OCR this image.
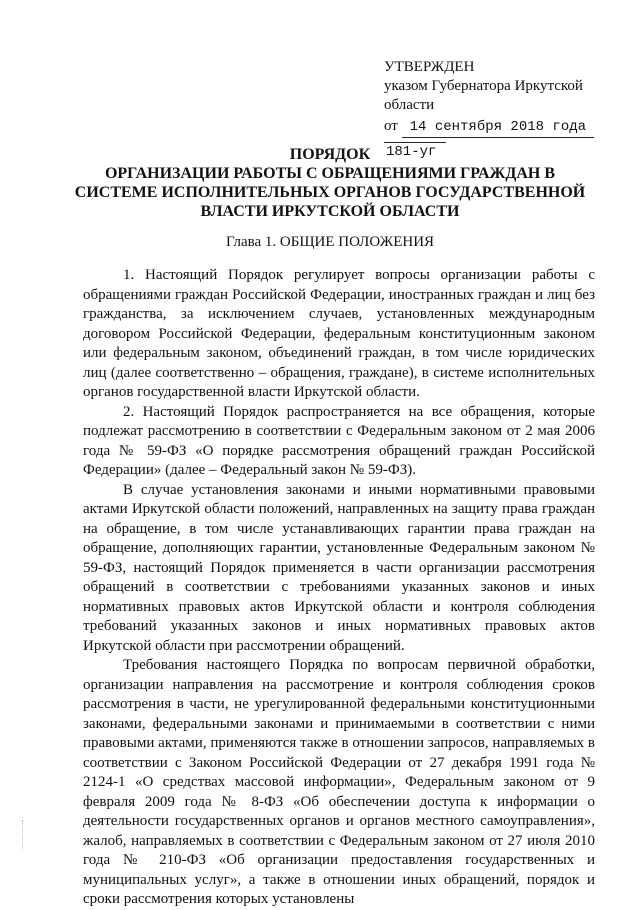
УТВЕРЖДЕН
указом Губернатора Иркутской
области
от 14 сентября 2018 года
181-уг
ПОРЯДОК
ОРГАНИЗАЦИИ РАБОТЫ С ОБРАЩЕНИЯМИ ГРАЖДАН В
СИСТЕМЕ ИСПОЛНИТЕЛЬНЫХ ОРГАНОВ ГОСУДАРСТВЕННОЙ
ВЛАСТИ ИРКУТСКОЙ ОБЛАСТИ
Глава 1. ОБЩИЕ ПОЛОЖЕНИЯ

1. Настоящий Порядок регулирует вопросы организации работы с обращениями граждан Российской Федерации, иностранных граждан и лиц без гражданства, за исключением случаев, установленных международным договором Российской Федерации, федеральным конституционным законом или федеральным законом, объединений граждан, в том числе юридических лиц (далее соответственно – обращения, граждане), в системе исполнительных органов государственной власти Иркутской области.

2. Настоящий Порядок распространяется на все обращения, которые подлежат рассмотрению в соответствии с Федеральным законом от 2 мая 2006 года № 59-ФЗ «О порядке рассмотрения обращений граждан Российской Федерации» (далее – Федеральный закон № 59-ФЗ).

В случае установления законами и иными нормативными правовыми актами Иркутской области положений, направленных на защиту права граждан на обращение, в том числе устанавливающих гарантии права граждан на обращение, дополняющих гарантии, установленные Федеральным законом № 59-ФЗ, настоящий Порядок применяется в части организации рассмотрения обращений в соответствии с требованиями указанных законов и иных нормативных правовых актов Иркутской области и контроля соблюдения требований указанных законов и иных нормативных правовых актов Иркутской области при рассмотрении обращений.

Требования настоящего Порядка по вопросам первичной обработки, организации направления на рассмотрение и контроля соблюдения сроков рассмотрения в части, не урегулированной федеральными конституционными законами, федеральными законами и принимаемыми в соответствии с ними правовыми актами, применяются также в отношении запросов, направляемых в соответствии с Законом Российской Федерации от 27 декабря 1991 года № 2124-1 «О средствах массовой информации», Федеральным законом от 9 февраля 2009 года № 8-ФЗ «Об обеспечении доступа к информации о деятельности государственных органов и органов местного самоуправления», жалоб, направляемых в соответствии с Федеральным законом от 27 июля 2010 года № 210-ФЗ «Об организации предоставления государственных и муниципальных услуг», а также в отношении иных обращений, порядок и сроки рассмотрения которых установлены
